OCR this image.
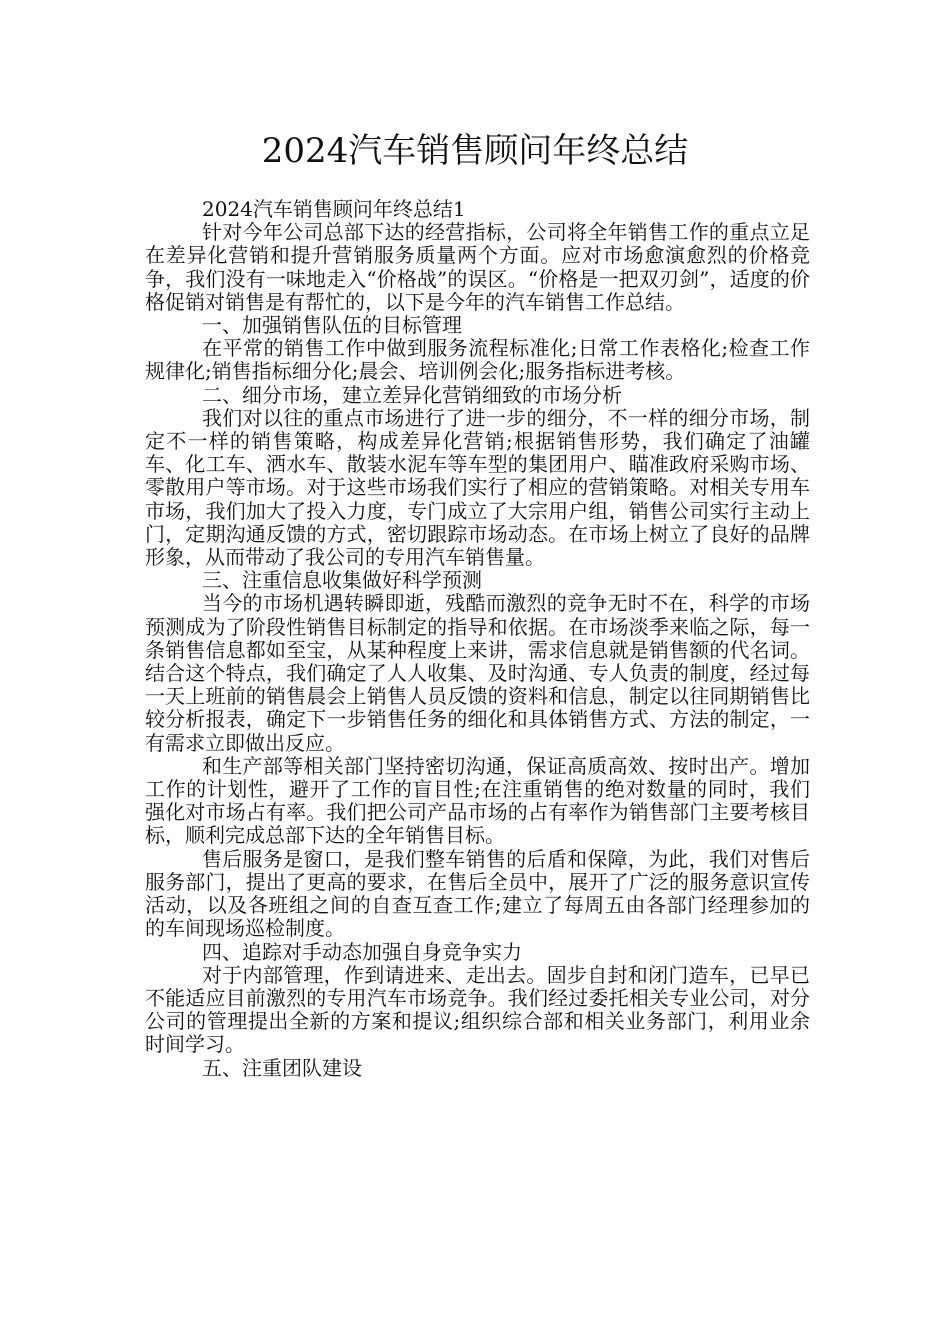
2024汽车销售顾问年终总结

2024汽车销售顾问年终总结1

针对今年公司总部下达的经营指标，公司将全年销售工作的重点立足在差异化营销和提升营销服务质量两个方面。应对市场愈演愈烈的价格竞争，我们没有一味地走入“价格战”的误区。“价格是一把双刃剑”，适度的价格促销对销售是有帮忙的，以下是今年的汽车销售工作总结。

一、加强销售队伍的目标管理

在平常的销售工作中做到服务流程标准化;日常工作表格化;检查工作规律化;销售指标细分化;晨会、培训例会化;服务指标进考核。

二、细分市场，建立差异化营销细致的市场分析

我们对以往的重点市场进行了进一步的细分，不一样的细分市场，制定不一样的销售策略，构成差异化营销;根据销售形势，我们确定了油罐车、化工车、洒水车、散装水泥车等车型的集团用户、瞄准政府采购市场、零散用户等市场。对于这些市场我们实行了相应的营销策略。对相关专用车市场，我们加大了投入力度，专门成立了大宗用户组，销售公司实行主动上门，定期沟通反馈的方式，密切跟踪市场动态。在市场上树立了良好的品牌形象，从而带动了我公司的专用汽车销售量。

三、注重信息收集做好科学预测

当今的市场机遇转瞬即逝，残酷而激烈的竞争无时不在，科学的市场预测成为了阶段性销售目标制定的指导和依据。在市场淡季来临之际，每一条销售信息都如至宝，从某种程度上来讲，需求信息就是销售额的代名词。结合这个特点，我们确定了人人收集、及时沟通、专人负责的制度，经过每一天上班前的销售晨会上销售人员反馈的资料和信息，制定以往同期销售比较分析报表，确定下一步销售任务的细化和具体销售方式、方法的制定，一有需求立即做出反应。

和生产部等相关部门坚持密切沟通，保证高质高效、按时出产。增加工作的计划性，避开了工作的盲目性;在注重销售的绝对数量的同时，我们强化对市场占有率。我们把公司产品市场的占有率作为销售部门主要考核目标，顺利完成总部下达的全年销售目标。

售后服务是窗口，是我们整车销售的后盾和保障，为此，我们对售后服务部门，提出了更高的要求，在售后全员中，展开了广泛的服务意识宣传活动，以及各班组之间的自查互查工作;建立了每周五由各部门经理参加的的车间现场巡检制度。

四、追踪对手动态加强自身竞争实力

对于内部管理，作到请进来、走出去。固步自封和闭门造车，已早已不能适应目前激烈的专用汽车市场竞争。我们经过委托相关专业公司，对分公司的管理提出全新的方案和提议;组织综合部和相关业务部门，利用业余时间学习。

五、注重团队建设
